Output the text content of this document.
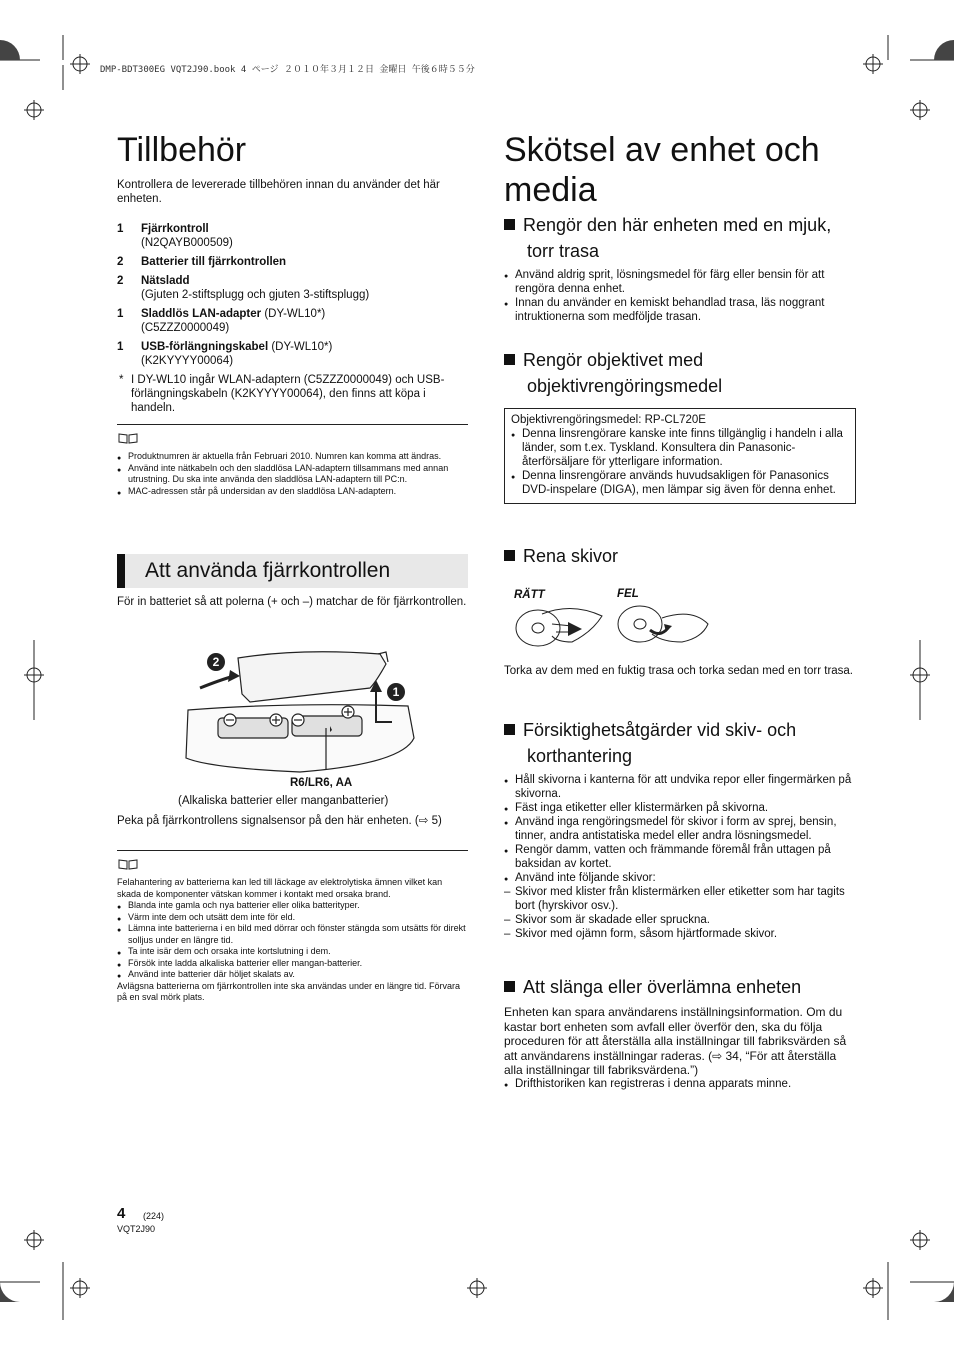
DMP-BDT300EG VQT2J90.book 4 ページ ２０１０年３月１２日 金曜日 午後６時５５分
Tillbehör
Kontrollera de levererade tillbehören innan du använder det här enheten.
1	Fjärrkontroll
(N2QAYB000509)
2	Batterier till fjärrkontrollen
2	Nätsladd
(Gjuten 2-stiftsplugg och gjuten 3-stiftsplugg)
1	Sladdlös LAN-adapter (DY-WL10*)
(C5ZZZ0000049)
1	USB-förlängningskabel (DY-WL10*)
(K2KYYYY00064)
* I DY-WL10 ingår WLAN-adaptern (C5ZZZ0000049) och USB-förlängningskabeln (K2KYYYY00064), den finns att köpa i handeln.
● Produktnumren är aktuella från Februari 2010. Numren kan komma att ändras.
● Använd inte nätkabeln och den sladdlösa LAN-adaptern tillsammans med annan utrustning. Du ska inte använda den sladdlösa LAN-adaptern till PC:n.
● MAC-adressen står på undersidan av den sladdlösa LAN-adaptern.
Att använda fjärrkontrollen
För in batteriet så att polerna (+ och –) matchar de för fjärrkontrollen.
2
1
R6/LR6, AA
(Alkaliska batterier eller manganbatterier)
Peka på fjärrkontrollens signalsensor på den här enheten. (⇨ 5)
Felahantering av batterierna kan led till läckage av elektrolytiska ämnen vilket kan skada de komponenter vätskan kommer i kontakt med orsaka brand.
● Blanda inte gamla och nya batterier eller olika batterityper.
● Värm inte dem och utsätt dem inte för eld.
● Lämna inte batterierna i en bild med dörrar och fönster stängda som utsätts för direkt solljus under en längre tid.
● Ta inte isär dem och orsaka inte kortslutning i dem.
● Försök inte ladda alkaliska batterier eller mangan-batterier.
● Använd inte batterier där höljet skalats av.
Avlägsna batterierna om fjärrkontrollen inte ska användas under en längre tid. Förvara på en sval mörk plats.
Skötsel av enhet och
media
Rengör den här enheten med en mjuk,
torr trasa
● Använd aldrig sprit, lösningsmedel för färg eller bensin för att rengöra denna enhet.
● Innan du använder en kemiskt behandlad trasa, läs noggrant intruktionerna som medföljde trasan.
Rengör objektivet med
objektivrengöringsmedel
Objektivrengöringsmedel: RP-CL720E
● Denna linsrengörare kanske inte finns tillgänglig i handeln i alla länder, som t.ex. Tyskland. Konsultera din Panasonic-återförsäljare för ytterligare information.
● Denna linsrengörare används huvudsakligen för Panasonics DVD-inspelare (DIGA), men lämpar sig även för denna enhet.
Rena skivor
RÄTT	FEL
Torka av dem med en fuktig trasa och torka sedan med en torr trasa.
Försiktighetsåtgärder vid skiv- och
korthantering
● Håll skivorna i kanterna för att undvika repor eller fingermärken på skivorna.
● Fäst inga etiketter eller klistermärken på skivorna.
● Använd inga rengöringsmedel för skivor i form av sprej, bensin, tinner, andra antistatiska medel eller andra lösningsmedel.
● Rengör damm, vatten och främmande föremål från uttagen på baksidan av kortet.
● Använd inte följande skivor:
– Skivor med klister från klistermärken eller etiketter som har tagits bort (hyrskivor osv.).
– Skivor som är skadade eller spruckna.
– Skivor med ojämn form, såsom hjärtformade skivor.
Att slänga eller överlämna enheten
Enheten kan spara användarens inställningsinformation. Om du kastar bort enheten som avfall eller överför den, ska du följa proceduren för att återställa alla inställningar till fabriksvärden så att användarens inställningar raderas. (⇨ 34, “För att återställa alla inställningar till fabriksvärdena.”)
● Drifthistoriken kan registreras i denna apparats minne.
4 (224)
VQT2J90
